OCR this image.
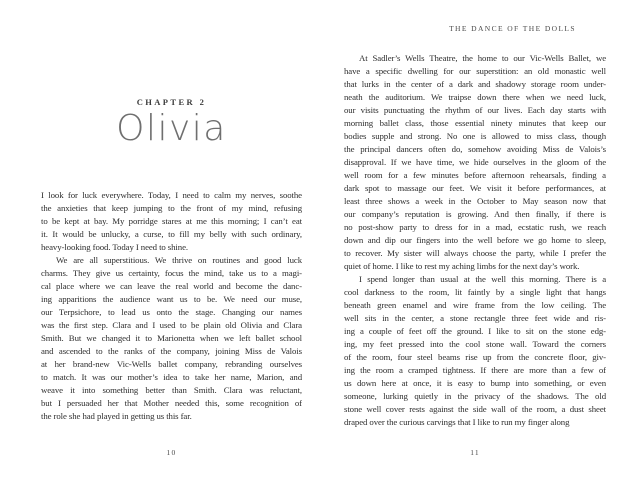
CHAPTER 2
Olivia
I look for luck everywhere. Today, I need to calm my nerves, soothe
the anxieties that keep jumping to the front of my mind, refusing
to be kept at bay. My porridge stares at me this morning; I can’t eat
it. It would be unlucky, a curse, to fill my belly with such ordinary,
heavy-looking food. Today I need to shine.
We are all superstitious. We thrive on routines and good luck
charms. They give us certainty, focus the mind, take us to a magi-
cal place where we can leave the real world and become the danc-
ing apparitions the audience want us to be. We need our muse,
our Terpsichore, to lead us onto the stage. Changing our names
was the first step. Clara and I used to be plain old Olivia and Clara
Smith. But we changed it to Marionetta when we left ballet school
and ascended to the ranks of the company, joining Miss de Valois
at her brand-new Vic-Wells ballet company, rebranding ourselves
to match. It was our mother’s idea to take her name, Marion, and
weave it into something better than Smith. Clara was reluctant,
but I persuaded her that Mother needed this, some recognition of
the role she had played in getting us this far.
10
THE DANCE OF THE DOLLS
At Sadler’s Wells Theatre, the home to our Vic-Wells Ballet, we
have a specific dwelling for our superstition: an old monastic well
that lurks in the center of a dark and shadowy storage room under-
neath the auditorium. We traipse down there when we need luck,
our visits punctuating the rhythm of our lives. Each day starts with
morning ballet class, those essential ninety minutes that keep our
bodies supple and strong. No one is allowed to miss class, though
the principal dancers often do, somehow avoiding Miss de Valois’s
disapproval. If we have time, we hide ourselves in the gloom of the
well room for a few minutes before afternoon rehearsals, finding a
dark spot to massage our feet. We visit it before performances, at
least three shows a week in the October to May season now that
our company’s reputation is growing. And then finally, if there is
no post-show party to dress for in a mad, ecstatic rush, we reach
down and dip our fingers into the well before we go home to sleep,
to recover. My sister will always choose the party, while I prefer the
quiet of home. I like to rest my aching limbs for the next day’s work.
I spend longer than usual at the well this morning. There is a
cool darkness to the room, lit faintly by a single light that hangs
beneath green enamel and wire frame from the low ceiling. The
well sits in the center, a stone rectangle three feet wide and ris-
ing a couple of feet off the ground. I like to sit on the stone edg-
ing, my feet pressed into the cool stone wall. Toward the corners
of the room, four steel beams rise up from the concrete floor, giv-
ing the room a cramped tightness. If there are more than a few of
us down here at once, it is easy to bump into something, or even
someone, lurking quietly in the privacy of the shadows. The old
stone well cover rests against the side wall of the room, a dust sheet
draped over the curious carvings that I like to run my finger along
11
